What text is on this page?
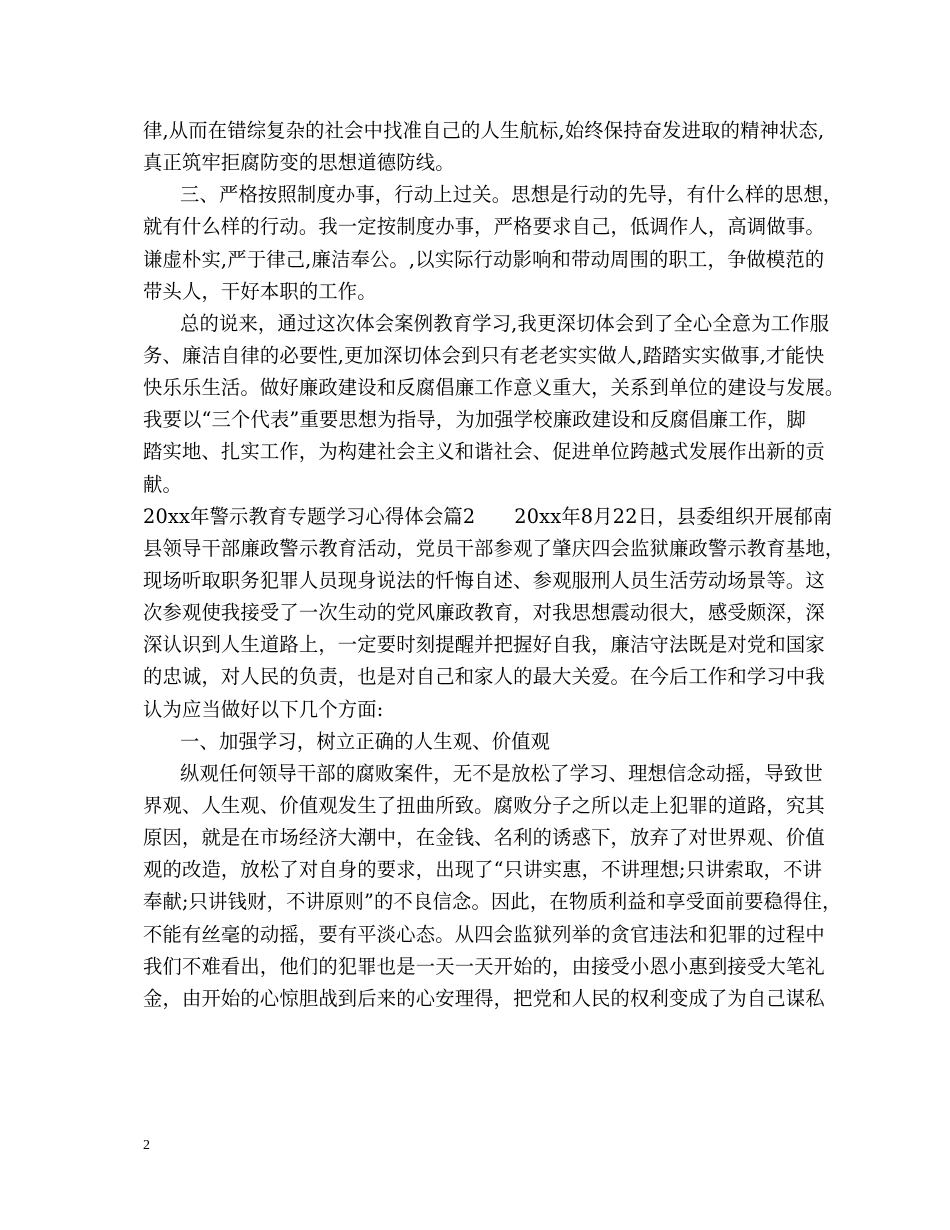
律,从而在错综复杂的社会中找准自己的人生航标,始终保持奋发进取的精神状态,
真正筑牢拒腐防变的思想道德防线。
三、严格按照制度办事，行动上过关。思想是行动的先导，有什么样的思想，
就有什么样的行动。我一定按制度办事，严格要求自己，低调作人，高调做事。
谦虚朴实,严于律己,廉洁奉公。,以实际行动影响和带动周围的职工，争做模范的
带头人，干好本职的工作。
总的说来，通过这次体会案例教育学习,我更深切体会到了全心全意为工作服
务、廉洁自律的必要性,更加深切体会到只有老老实实做人,踏踏实实做事,才能快
快乐乐生活。做好廉政建设和反腐倡廉工作意义重大，关系到单位的建设与发展。
我要以“三个代表”重要思想为指导，为加强学校廉政建设和反腐倡廉工作，脚
踏实地、扎实工作，为构建社会主义和谐社会、促进单位跨越式发展作出新的贡
献。
20xx年警示教育专题学习心得体会篇2　　20xx年8月22日，县委组织开展郁南
县领导干部廉政警示教育活动，党员干部参观了肇庆四会监狱廉政警示教育基地，
现场听取职务犯罪人员现身说法的忏悔自述、参观服刑人员生活劳动场景等。这
次参观使我接受了一次生动的党风廉政教育，对我思想震动很大，感受颇深，深
深认识到人生道路上，一定要时刻提醒并把握好自我，廉洁守法既是对党和国家
的忠诚，对人民的负责，也是对自己和家人的最大关爱。在今后工作和学习中我
认为应当做好以下几个方面:
一、加强学习，树立正确的人生观、价值观
纵观任何领导干部的腐败案件，无不是放松了学习、理想信念动摇，导致世
界观、人生观、价值观发生了扭曲所致。腐败分子之所以走上犯罪的道路，究其
原因，就是在市场经济大潮中，在金钱、名利的诱惑下，放弃了对世界观、价值
观的改造，放松了对自身的要求，出现了“只讲实惠，不讲理想;只讲索取，不讲
奉献;只讲钱财，不讲原则”的不良信念。因此，在物质利益和享受面前要稳得住，
不能有丝毫的动摇，要有平淡心态。从四会监狱列举的贪官违法和犯罪的过程中
我们不难看出，他们的犯罪也是一天一天开始的，由接受小恩小惠到接受大笔礼
金，由开始的心惊胆战到后来的心安理得，把党和人民的权利变成了为自己谋私
2
